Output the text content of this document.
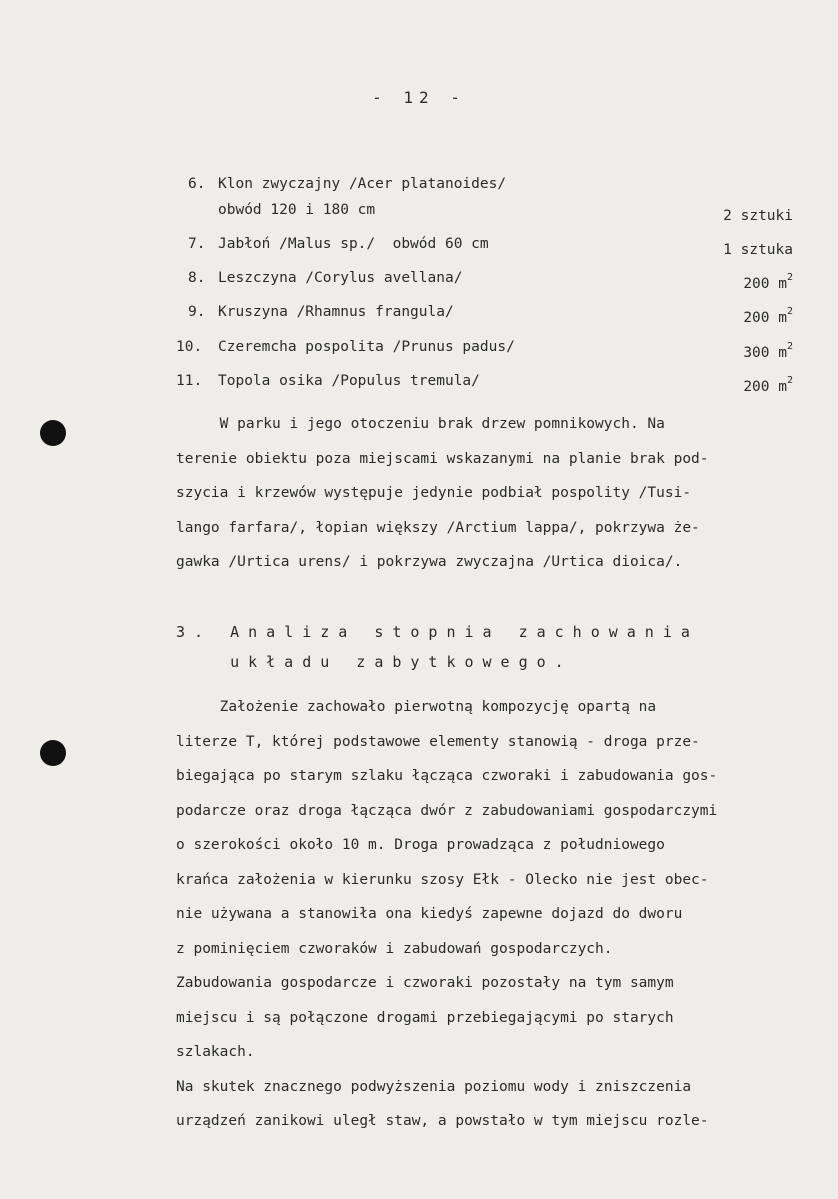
- 12 -
6. Klon zwyczajny /Acer platanoides/
obwód 120 i 180 cm	2 sztuki
7. Jabłoń /Malus sp./  obwód 60 cm	1 sztuka
8. Leszczyna /Corylus avellana/	200 $m^2$
9. Kruszyna /Rhamnus frangula/	200 $m^2$
10. Czeremcha pospolita /Prunus padus/	300 $m^2$
11. Topola osika /Populus tremula/	200 $m^2$

W parku i jego otoczeniu brak drzew pomnikowych. Na

terenie obiektu poza miejscami wskazanymi na planie brak pod-

szycia i krzewów występuje jedynie podbiał pospolity /Tusi-

lango farfara/, łopian większy /Arctium lappa/, pokrzywa że-

gawka /Urtica urens/ i pokrzywa zwyczajna /Urtica dioica/.

3. Analiza stopnia zachowania
układu zabytkowego.

Założenie zachowało pierwotną kompozycję opartą na

literze T, której podstawowe elementy stanowią - droga prze-

biegająca po starym szlaku łącząca czworaki i zabudowania gos-

podarcze oraz droga łącząca dwór z zabudowaniami gospodarczymi

o szerokości około 10 m. Droga prowadząca z południowego

krańca założenia w kierunku szosy Ełk - Olecko nie jest obec-

nie używana a stanowiła ona kiedyś zapewne dojazd do dworu

z pominięciem czworaków i zabudowań gospodarczych.

Zabudowania gospodarcze i czworaki pozostały na tym samym

miejscu i są połączone drogami przebiegającymi po starych

szlakach.

Na skutek znacznego podwyższenia poziomu wody i zniszczenia

urządzeń zanikowi uległ staw, a powstało w tym miejscu rozle-
